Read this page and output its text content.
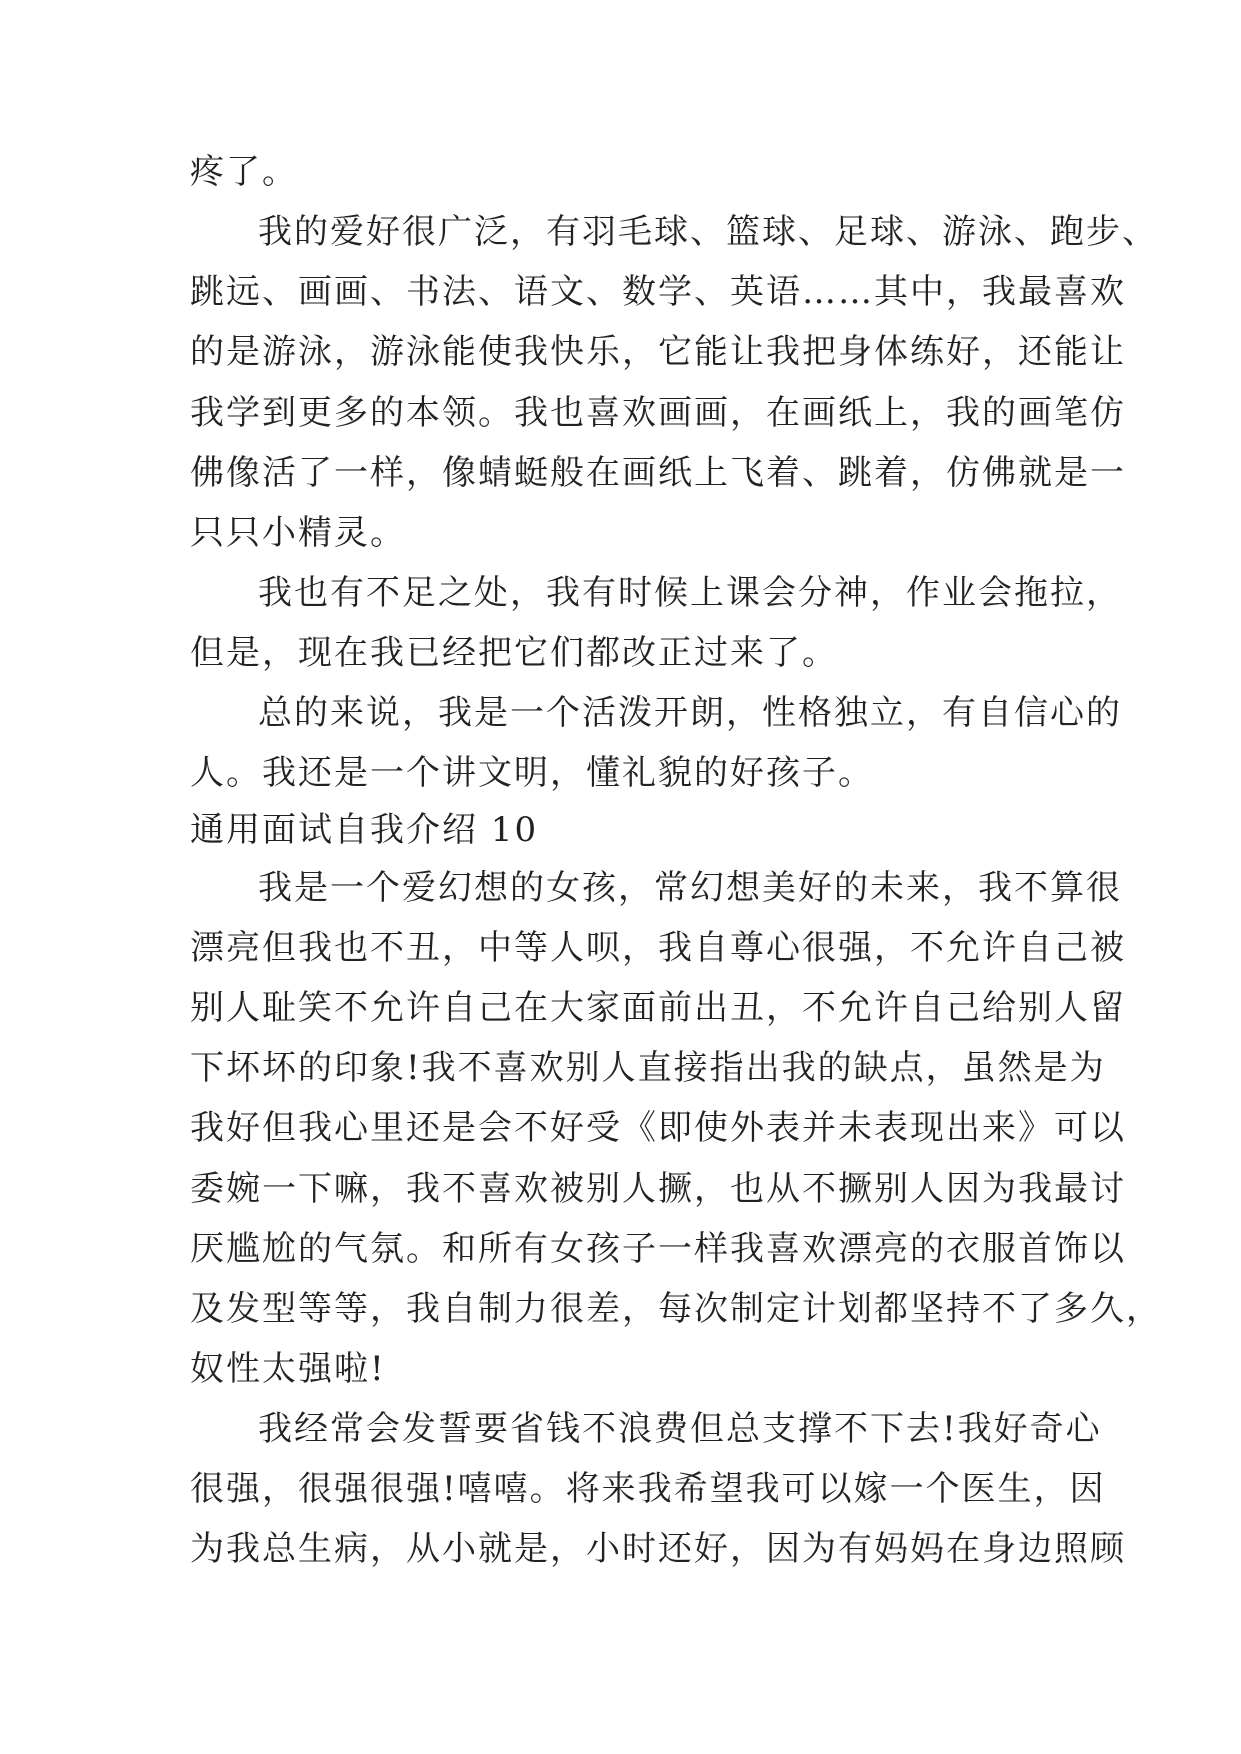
疼了。
我的爱好很广泛，有羽毛球、篮球、足球、游泳、跑步、
跳远、画画、书法、语文、数学、英语……其中，我最喜欢
的是游泳，游泳能使我快乐，它能让我把身体练好，还能让
我学到更多的本领。我也喜欢画画，在画纸上，我的画笔仿
佛像活了一样，像蜻蜓般在画纸上飞着、跳着，仿佛就是一
只只小精灵。
我也有不足之处，我有时候上课会分神，作业会拖拉，
但是，现在我已经把它们都改正过来了。
总的来说，我是一个活泼开朗，性格独立，有自信心的
人。我还是一个讲文明，懂礼貌的好孩子。
通用面试自我介绍 10
我是一个爱幻想的女孩，常幻想美好的未来，我不算很
漂亮但我也不丑，中等人呗，我自尊心很强，不允许自己被
别人耻笑不允许自己在大家面前出丑，不允许自己给别人留
下坏坏的印象!我不喜欢别人直接指出我的缺点，虽然是为
我好但我心里还是会不好受《即使外表并未表现出来》可以
委婉一下嘛，我不喜欢被别人撅，也从不撅别人因为我最讨
厌尴尬的气氛。和所有女孩子一样我喜欢漂亮的衣服首饰以
及发型等等，我自制力很差，每次制定计划都坚持不了多久，
奴性太强啦!
我经常会发誓要省钱不浪费但总支撑不下去!我好奇心
很强，很强很强!嘻嘻。将来我希望我可以嫁一个医生，因
为我总生病，从小就是，小时还好，因为有妈妈在身边照顾
